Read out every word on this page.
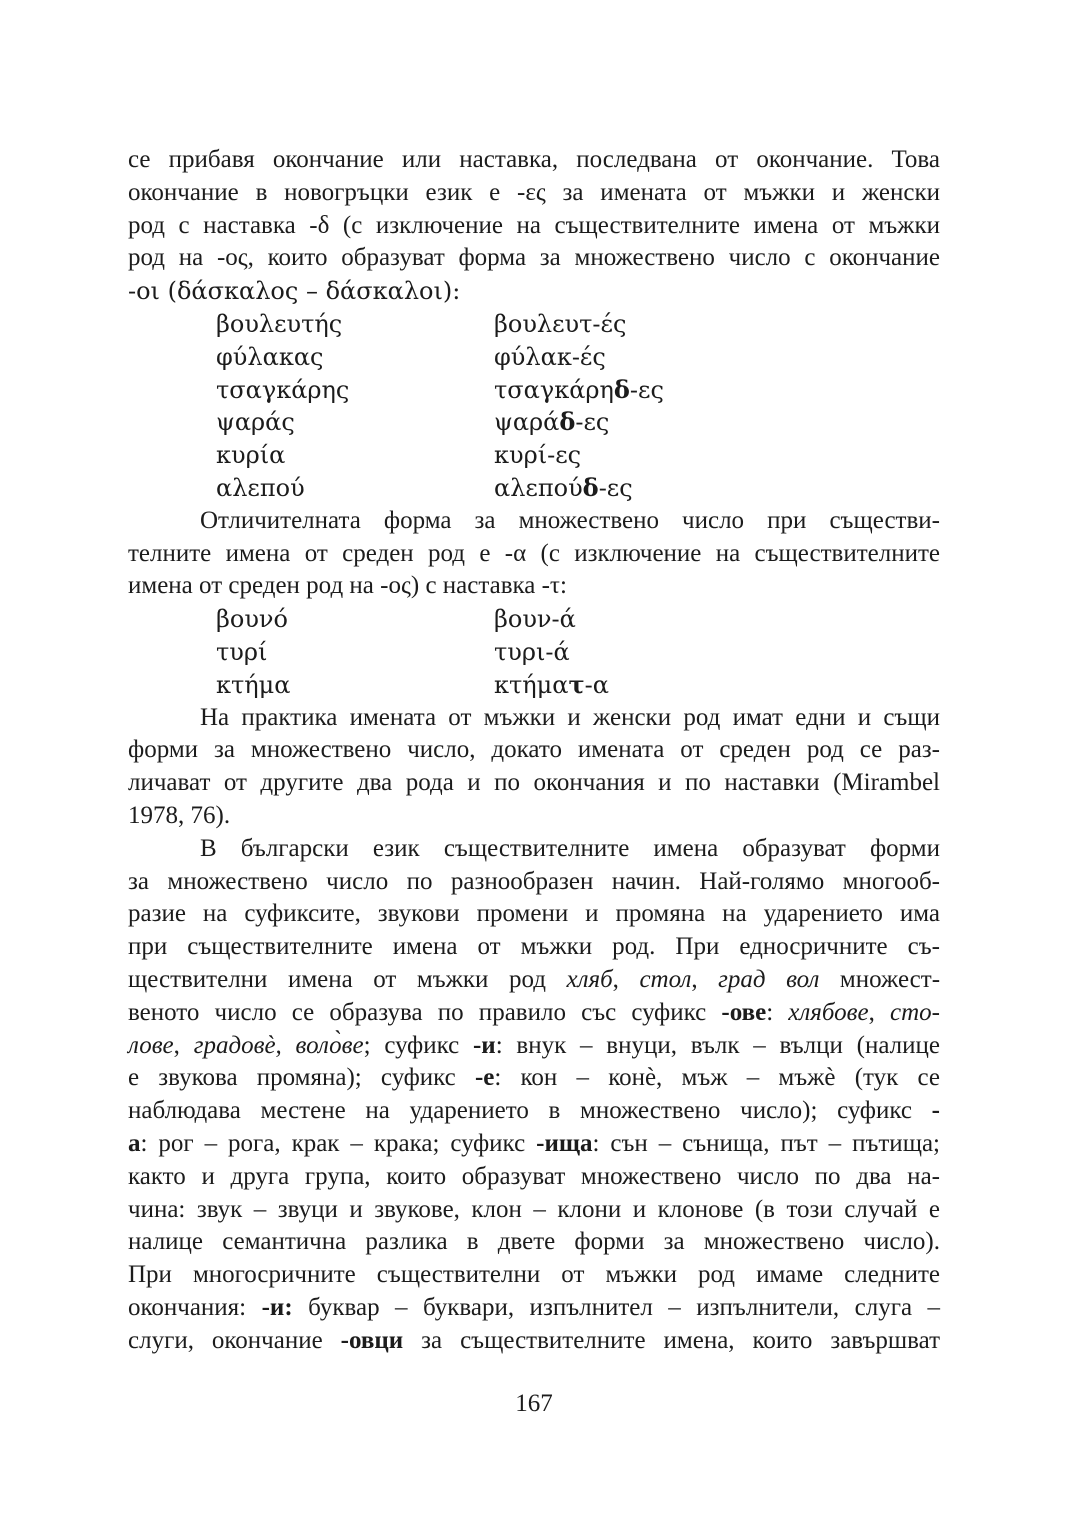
се прибавя окончание или наставка, последвана от окончание. Това
окончание в новогръцки език е -ες за имената от мъжки и женски
род с наставка -δ (с изключение на съществителните имена от мъжки
род на -ος, които образуват форма за множествено число с окончание
-οι (δάσκαλος – δάσκαλοι):
βουλευτής	βουλευτ-ές
φύλακας	φύλακ-ές
τσαγκάρης	τσαγκάρηδ-ες
ψαράς	ψαράδ-ες
κυρία	κυρί-ες
αλεπού	αλεπούδ-ες
Отличителната форма за множествено число при съществи-
телните имена от среден род е -α (с изключение на съществителните
имена от среден род на -ος) с наставка -τ:
βουνό	βουν-ά
τυρί	τυρι-ά
κτήμα	κτήματ-α
На практика имената от мъжки и женски род имат едни и същи
форми за множествено число, докато имената от среден род се раз-
личават от другите два рода и по окончания и по наставки (Mirambel
1978, 76).
В български език съществителните имена образуват форми
за множествено число по разнообразен начин. Най-голямо многооб-
разие на суфиксите, звукови промени и промяна на ударението има
при съществителните имена от мъжки род. При едносричните съ-
ществителни имена от мъжки род хляб, стол, град вол множест-
веното число се образува по правило със суфикс -ове: хлябове, сто-
лове, градовѐ, воло̀ве; суфикс -и: внук – внуци, вълк – вълци (налице
е звукова промяна); суфикс -е: кон – конѐ, мъж – мъжѐ (тук се
наблюдава местене на ударението в множествено число); суфикс -
а: рог – рога, крак – крака; суфикс -ища: сън – сънища, път – пътища;
както и друга група, които образуват множествено число по два на-
чина: звук – звуци и звукове, клон – клони и клонове (в този случай е
налице семантична разлика в двете форми за множествено число).
При многосричните съществителни от мъжки род имаме следните
окончания: -и: буквар – буквари, изпълнител – изпълнители, слуга –
слуги, окончание -овци за съществителните имена, които завършват
167
